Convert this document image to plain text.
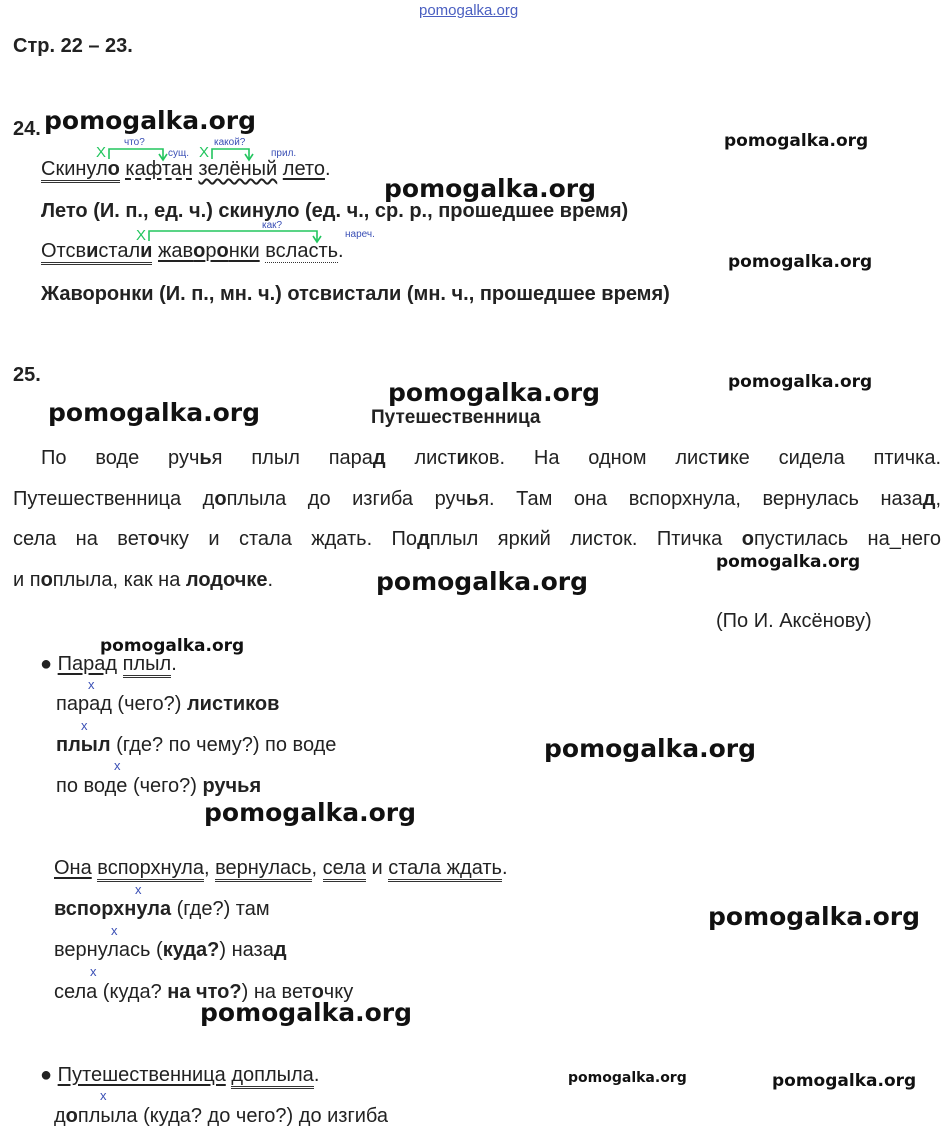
pomogalka.org
Стр. 22 – 23.
24. pomogalka.org
pomogalka.org
X	X
X
что?
сущ.
какой?
прил.
как?
нареч.
Скинуло кафтан зелёный лето.
pomogalka.org
Лето (И. п., ед. ч.) скинуло (ед. ч., ср. р., прошедшее время)
Отсвистали жаворонки всласть.	pomogalka.org
Жаворонки (И. п., мн. ч.) отсвистали (мн. ч., прошедшее время)
25.	pomogalka.org
pomogalka.org
pomogalka.org	Путешественница
По воде ручья плыл парад листиков. На одном листике сидела птичка.
Путешественница доплыла до изгиба ручья. Там она вспорхнула, вернулась назад,
села на веточку и стала ждать. Подплыл яркий листок. Птичка опустилась на_него
и поплыла, как на лодочке.
pomogalka.org
pomogalka.org
(По И. Аксёнову)
pomogalka.org
● Парад плыл.
x
парад (чего?) листиков
x
плыл (где? по чему?) по воде	pomogalka.org
x
по воде (чего?) ручья
pomogalka.org
Она вспорхнула, вернулась, села и стала ждать.
x
вспорхнула (где?) там	pomogalka.org
x
вернулась (куда?) назад
x
села (куда? на что?) на веточку
pomogalka.org
● Путешественница доплыла.	pomogalka.org	pomogalka.org
x
доплыла (куда? до чего?) до изгиба
